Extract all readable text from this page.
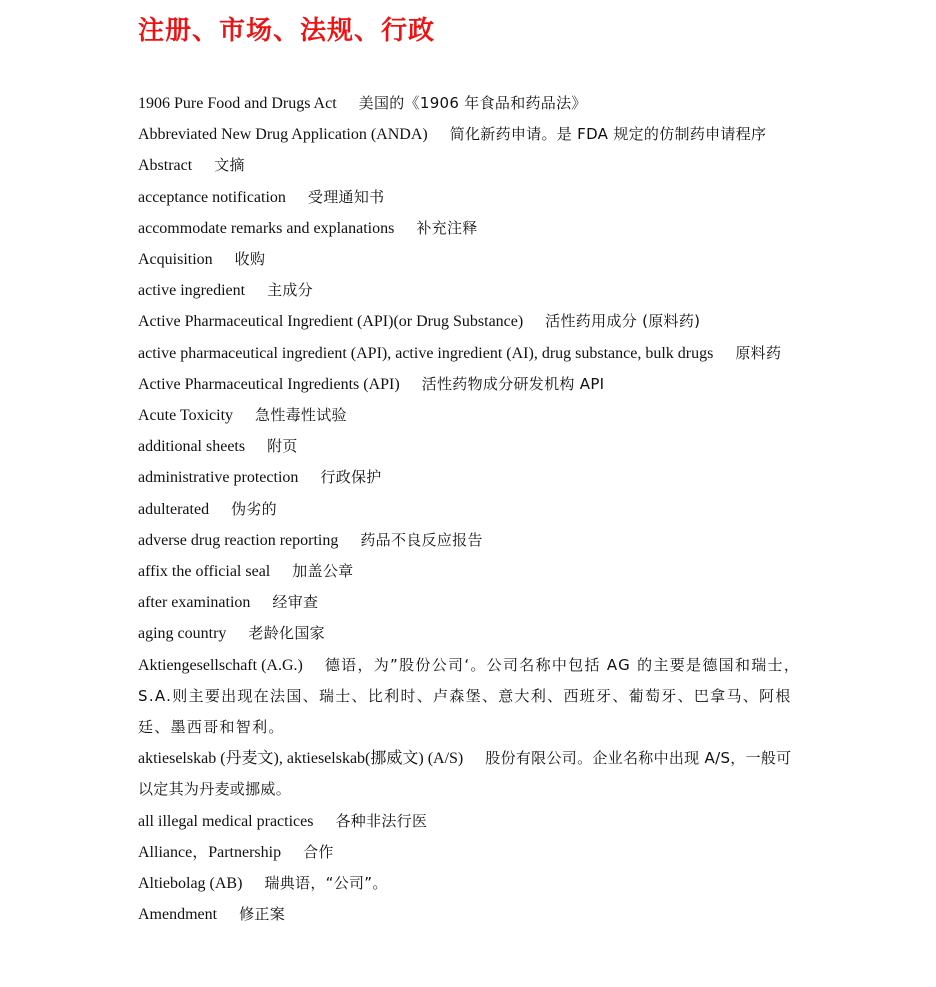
注册、市场、法规、行政
1906 Pure Food and Drugs Act 美国的《1906 年食品和药品法》
Abbreviated New Drug Application (ANDA) 简化新药申请。是 FDA 规定的仿制药申请程序
Abstract 文摘
acceptance notification 受理通知书
accommodate remarks and explanations 补充注释
Acquisition 收购
active ingredient 主成分
Active Pharmaceutical Ingredient (API)(or Drug Substance) 活性药用成分 (原料药)
active pharmaceutical ingredient (API), active ingredient (AI), drug substance, bulk drugs 原料药
Active Pharmaceutical Ingredients (API) 活性药物成分研发机构 API
Acute Toxicity 急性毒性试验
additional sheets 附页
administrative protection 行政保护
adulterated 伪劣的
adverse drug reaction reporting 药品不良反应报告
affix the official seal 加盖公章
after examination 经审查
aging country 老龄化国家
Aktiengesellschaft (A.G.) 德语，为”股份公司‘。公司名称中包括 AG 的主要是德国和瑞士，S.A.则主要出现在法国、瑞士、比利时、卢森堡、意大利、西班牙、葡萄牙、巴拿马、阿根廷、墨西哥和智利。
aktieselskab (丹麦文), aktieselskab(挪威文) (A/S) 股份有限公司。企业名称中出现 A/S，一般可以定其为丹麦或挪威。
all illegal medical practices 各种非法行医
Alliance，Partnership 合作
Altiebolag (AB) 瑞典语，“公司”。
Amendment 修正案
